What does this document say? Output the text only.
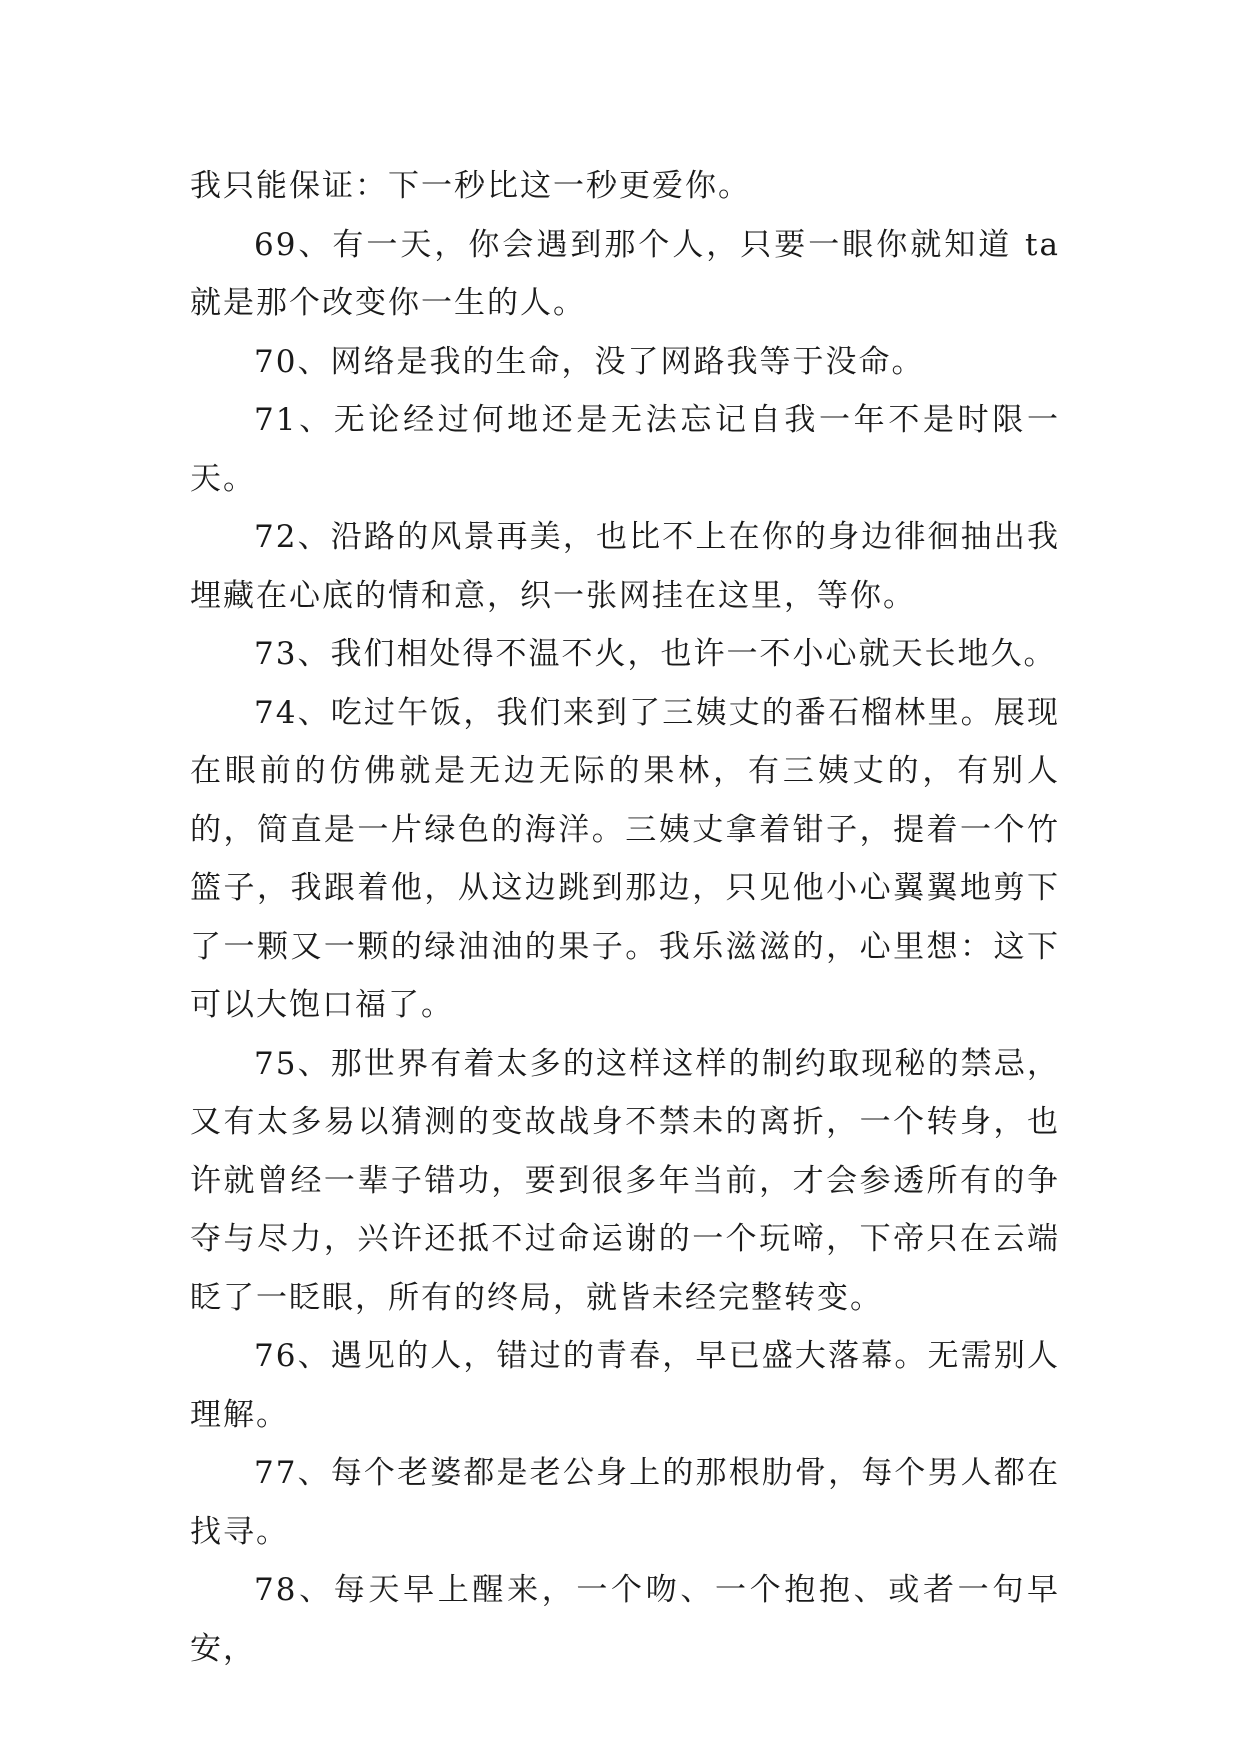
我只能保证：下一秒比这一秒更爱你。

69、有一天，你会遇到那个人，只要一眼你就知道 ta 就是那个改变你一生的人。

70、网络是我的生命，没了网路我等于没命。

71、无论经过何地还是无法忘记自我一年不是时限一天。

72、沿路的风景再美，也比不上在你的身边徘徊抽出我埋藏在心底的情和意，织一张网挂在这里，等你。

73、我们相处得不温不火，也许一不小心就天长地久。

74、吃过午饭，我们来到了三姨丈的番石榴林里。展现在眼前的仿佛就是无边无际的果林，有三姨丈的，有别人的，简直是一片绿色的海洋。三姨丈拿着钳子，提着一个竹篮子，我跟着他，从这边跳到那边，只见他小心翼翼地剪下了一颗又一颗的绿油油的果子。我乐滋滋的，心里想：这下可以大饱口福了。

75、那世界有着太多的这样这样的制约取现秘的禁忌，又有太多易以猜测的变故战身不禁未的离折，一个转身，也许就曾经一辈子错功，要到很多年当前，才会参透所有的争夺与尽力，兴许还抵不过命运谢的一个玩啼，下帝只在云端眨了一眨眼，所有的终局，就皆未经完整转变。

76、遇见的人，错过的青春，早已盛大落幕。无需别人理解。

77、每个老婆都是老公身上的那根肋骨，每个男人都在找寻。

78、每天早上醒来，一个吻、一个抱抱、或者一句早安，
